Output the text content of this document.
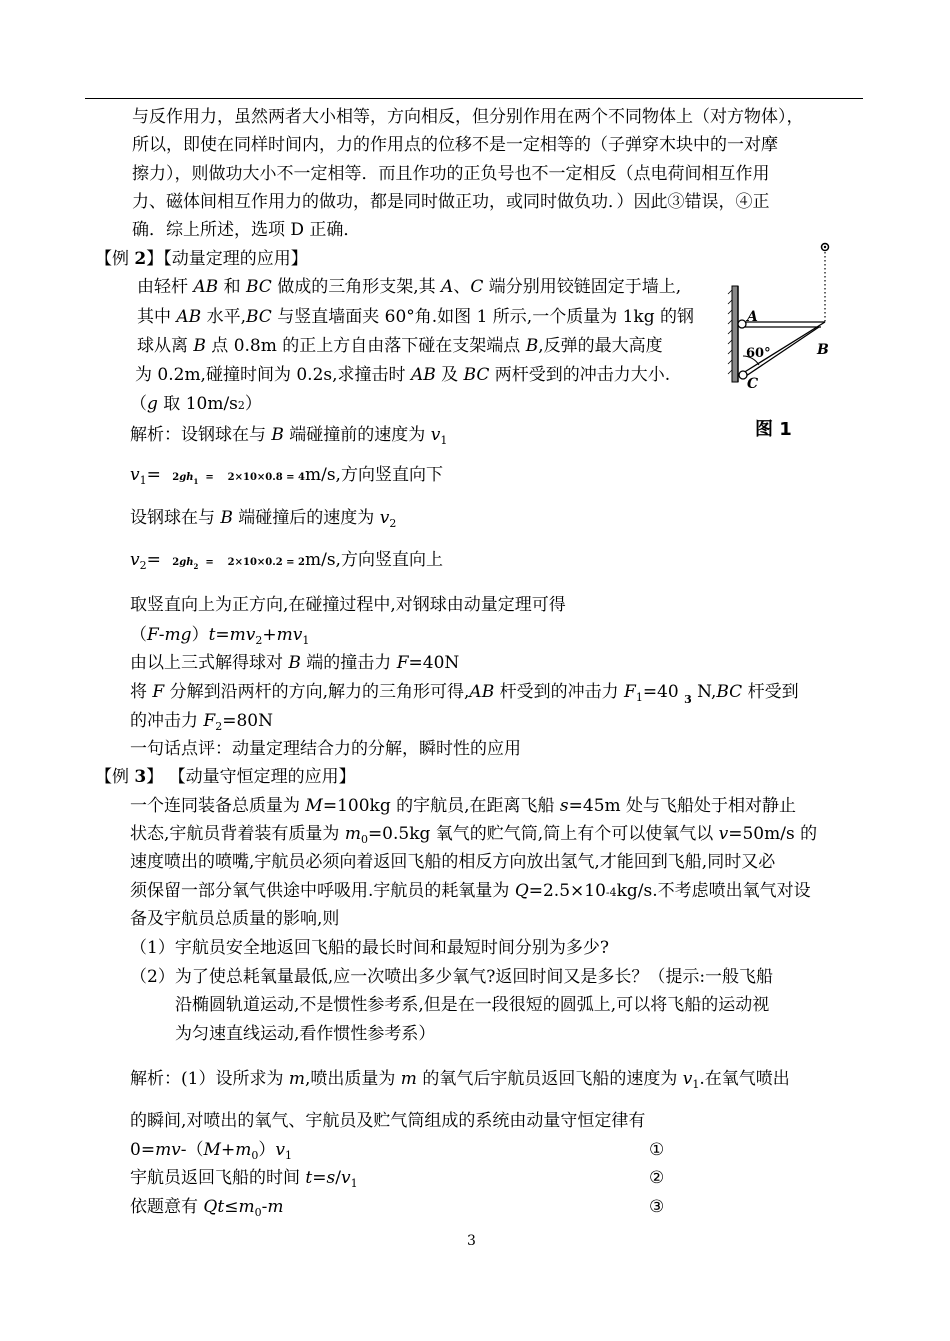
与反作用力，虽然两者大小相等，方向相反，但分别作用在两个不同物体上（对方物体），
所以，即使在同样时间内，力的作用点的位移不是一定相等的（子弹穿木块中的一对摩
擦力），则做功大小不一定相等．而且作功的正负号也不一定相反（点电荷间相互作用
力、磁体间相互作用力的做功，都是同时做正功，或同时做负功．）因此③错误，④正
确．综上所述，选项 D 正确．
【例 2】【动量定理的应用】
由轻杆 AB 和 BC 做成的三角形支架,其 A、C 端分别用铰链固定于墙上,
其中 AB 水平,BC 与竖直墙面夹 60°角.如图 1 所示,一个质量为 1kg 的钢
球从离 B 点 0.8m 的正上方自由落下碰在支架端点 B,反弹的最大高度
为 0.2m,碰撞时间为 0.2s,求撞击时 AB 及 BC 两杆受到的冲击力大小.
（g 取 10m/s2）
A
B
C
60°
图 1
解析：设钢球在与 B 端碰撞前的速度为 $v_1$
$v_1= 2gh_1$  =    2×10×0.8 = 4m/s,方向竖直向下
设钢球在与 B 端碰撞后的速度为 $v_2$
$v_2= 2gh_2$  =    2×10×0.2 = 2m/s,方向竖直向上
取竖直向上为正方向,在碰撞过程中,对钢球由动量定理可得
$(F-mg)t=mv_2+mv_1$
由以上三式解得球对 B 端的撞击力 F=40N
将 F 分解到沿两杆的方向,解力的三角形可得,AB 杆受到的冲击力 $F_1=40$ $_3$ N,BC 杆受到
的冲击力 $F_2=80N$
一句话点评：动量定理结合力的分解，瞬时性的应用
【例 3】 【动量守恒定理的应用】
一个连同装备总质量为 M=100kg 的宇航员,在距离飞船 s=45m 处与飞船处于相对静止
状态,宇航员背着装有质量为 $m_0=0.5kg$ 氧气的贮气筒,筒上有个可以使氧气以 v=50m/s 的
速度喷出的喷嘴,宇航员必须向着返回飞船的相反方向放出氢气,才能回到飞船,同时又必
须保留一部分氧气供途中呼吸用.宇航员的耗氧量为 Q=2.5×10-4kg/s.不考虑喷出氧气对设
备及宇航员总质量的影响,则
（1）宇航员安全地返回飞船的最长时间和最短时间分别为多少?
（2）为了使总耗氧量最低,应一次喷出多少氧气?返回时间又是多长？（提示:一般飞船
沿椭圆轨道运动,不是惯性参考系,但是在一段很短的圆弧上,可以将飞船的运动视
为匀速直线运动,看作惯性参考系）
解析：(1）设所求为 m,喷出质量为 m 的氧气后宇航员返回飞船的速度为 $v_1$.在氧气喷出
的瞬间,对喷出的氧气、宇航员及贮气筒组成的系统由动量守恒定律有
$0=mv-(M+m_0)v_1$	①
宇航员返回飞船的时间 $t=s/v_1$	②
依题意有 $Qt\le m_0-m$	③
3
